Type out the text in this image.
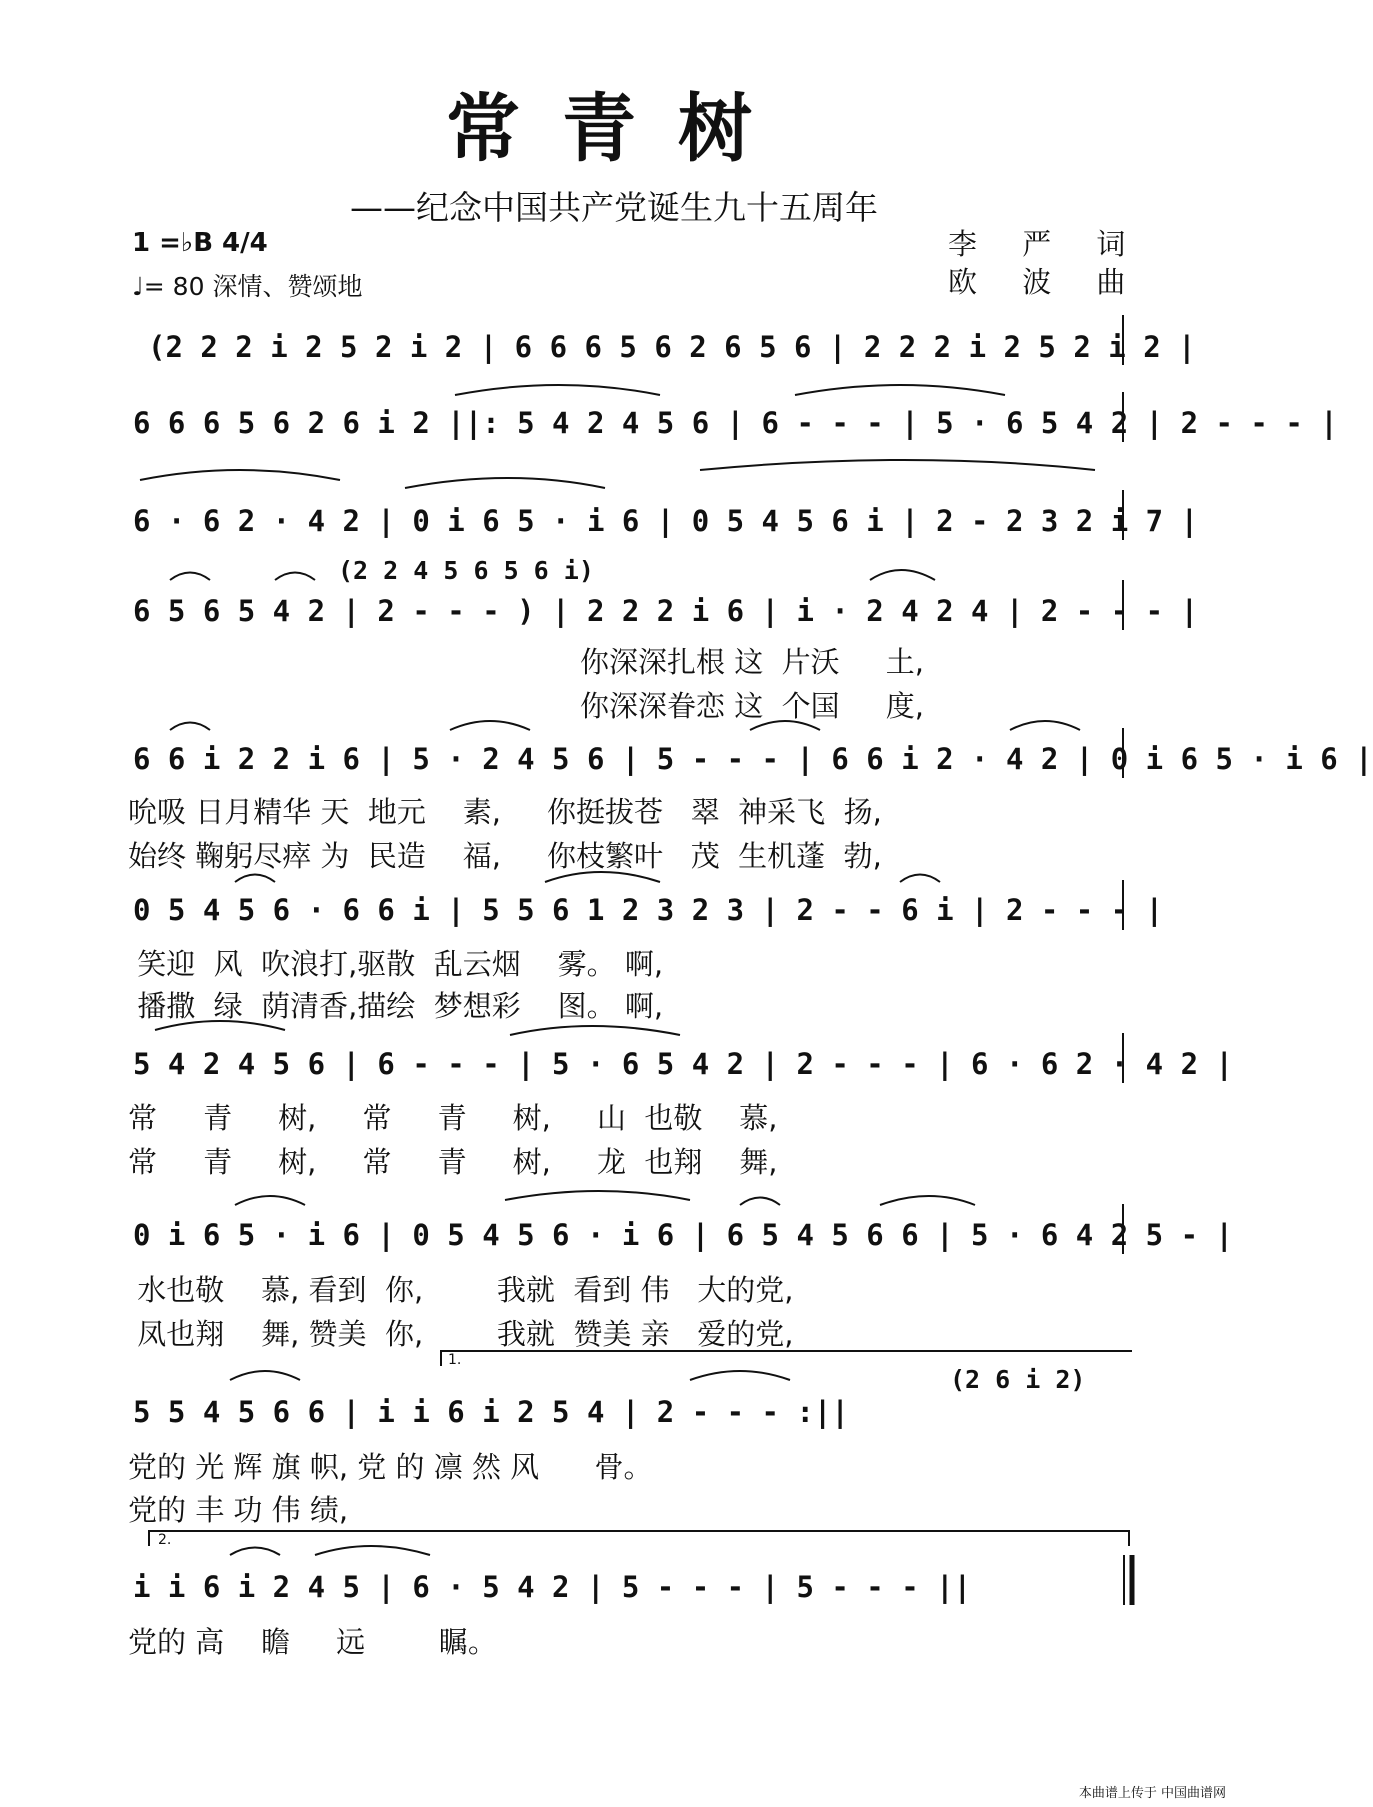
常青树
——纪念中国共产党诞生九十五周年
1 =♭B 4/4
♩= 80 深情、赞颂地
李 严 词
欧 波 曲
(2 2 2 i 2 5 2 i 2 | 6 6 6 5 6 2 6 5 6 | 2 2 2 i 2 5 2 i 2 |
6 6 6 5 6 2 6 i 2 ||: 5 4 2 4 5 6 | 6 - - - | 5 · 6 5 4 2 | 2 - - - |
6 · 6 2 · 4 2 | 0 i 6 5 · i 6 | 0 5 4 5 6 i | 2 - 2 3 2 i 7 |
(2 2 4 5 6 5 6 i)
6 5 6 5 4 2 | 2 - - - ) | 2 2 2 i 6 | i · 2 4 2 4 | 2 - - - |
你深深扎根 这  片沃     土,
你深深眷恋 这  个国     度,
6 6 i 2 2 i 6 | 5 · 2 4 5 6 | 5 - - - | 6 6 i 2 · 4 2 | 0 i 6 5 · i 6 |
吮吸 日月精华 天  地元    素,     你挺拔苍   翠  神采飞  扬,
始终 鞠躬尽瘁 为  民造    福,     你枝繁叶   茂  生机蓬  勃,
0 5 4 5 6 · 6 6 i | 5 5 6 1 2 3 2 3 | 2 - - 6 i | 2 - - - |
笑迎  风  吹浪打,驱散  乱云烟    雾。 啊,
播撒  绿  荫清香,描绘  梦想彩    图。 啊,
5 4 2 4 5 6 | 6 - - - | 5 · 6 5 4 2 | 2 - - - | 6 · 6 2 · 4 2 |
常     青     树,     常     青     树,     山  也敬    慕,
常     青     树,     常     青     树,     龙  也翔    舞,
0 i 6 5 · i 6 | 0 5 4 5 6 · i 6 | 6 5 4 5 6 6 | 5 · 6 4 2 5 - |
水也敬    慕, 看到  你,        我就  看到 伟   大的党,
凤也翔    舞, 赞美  你,        我就  赞美 亲   爱的党,
1.
(2 6 i 2)
5 5 4 5 6 6 | i i 6 i 2 5 4 | 2 - - - :||
党的 光 辉 旗 帜, 党 的 凛 然 风      骨。
党的 丰 功 伟 绩,
2.
i i 6 i 2 4 5 | 6 · 5 4 2 | 5 - - - | 5 - - - ||
党的 高    瞻     远        瞩。
本曲谱上传于 中国曲谱网
